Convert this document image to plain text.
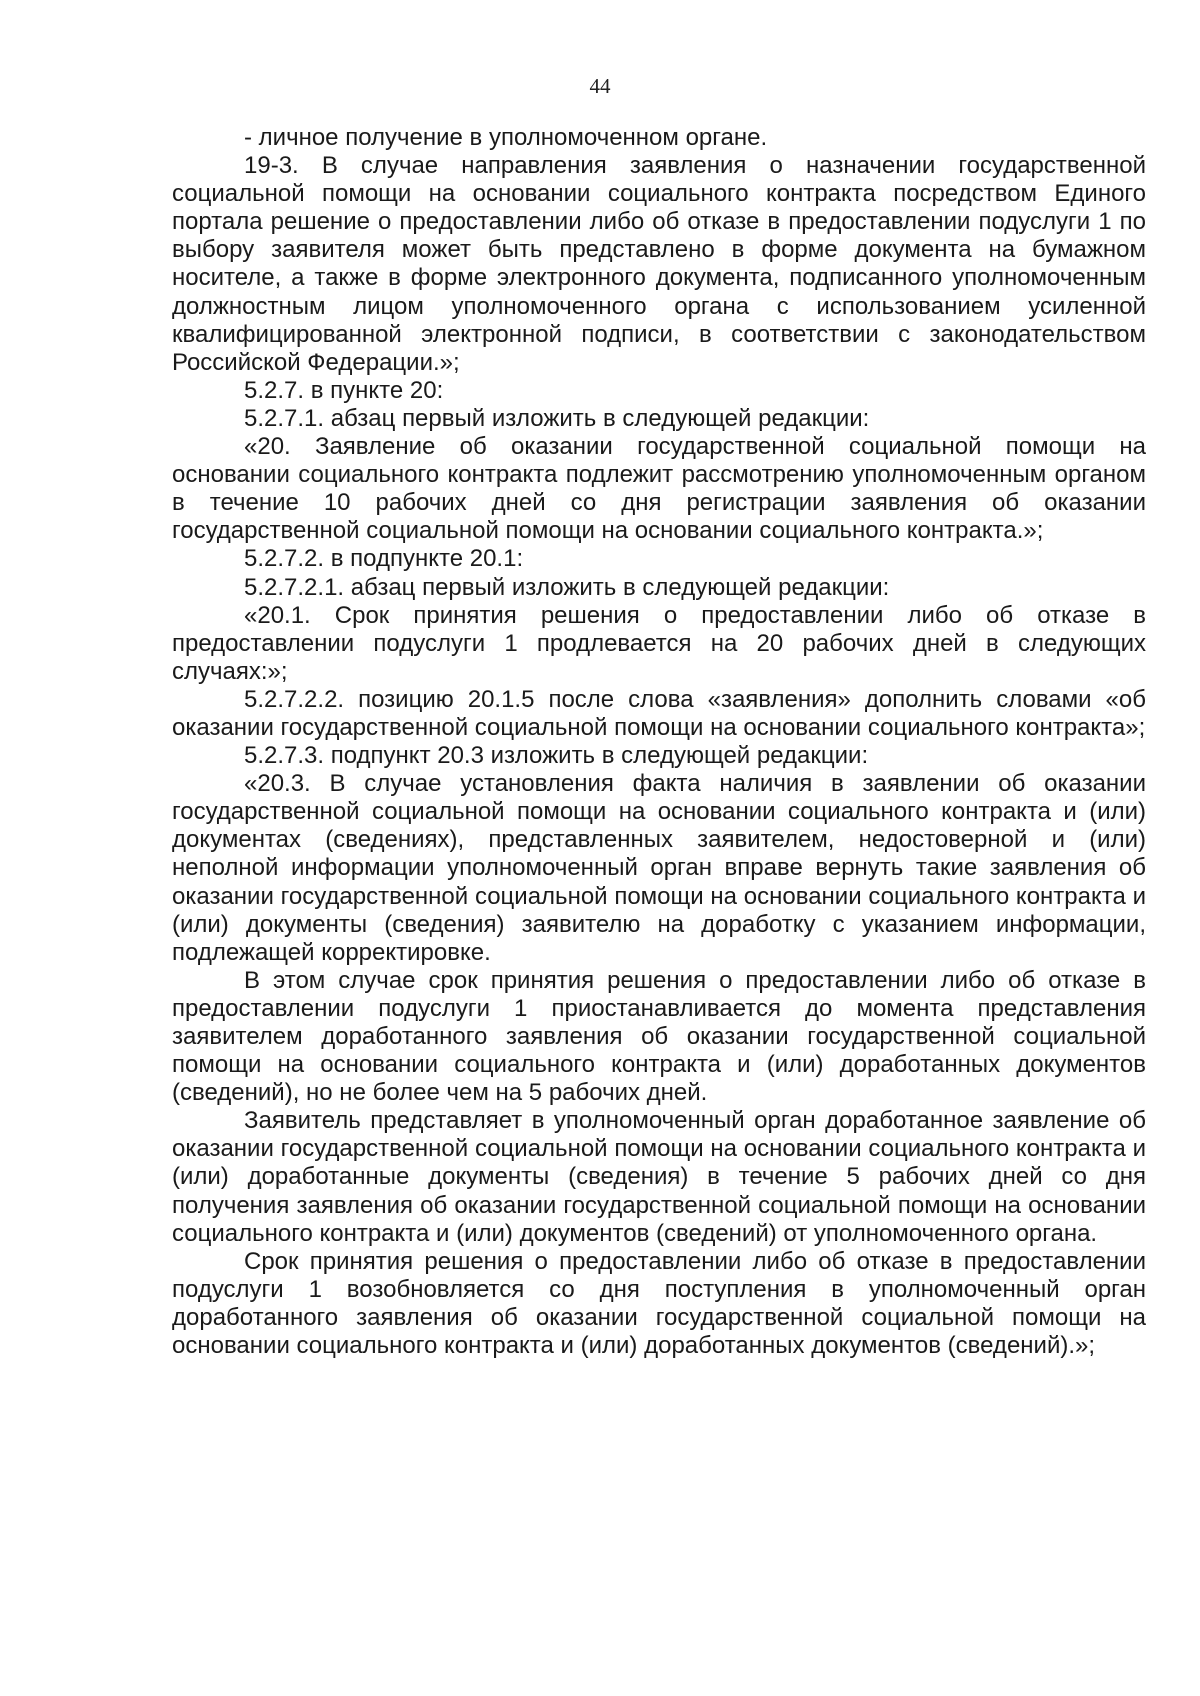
44

- личное получение в уполномоченном органе.

19-3. В случае направления заявления о назначении государственной социальной помощи на основании социального контракта посредством Единого портала решение о предоставлении либо об отказе в предоставлении подуслуги 1 по выбору заявителя может быть представлено в форме документа на бумажном носителе, а также в форме электронного документа, подписанного уполномоченным должностным лицом уполномоченного органа с использованием усиленной квалифицированной электронной подписи, в соответствии с законодательством Российской Федерации.»;

5.2.7. в пункте 20:

5.2.7.1. абзац первый изложить в следующей редакции:

«20. Заявление об оказании государственной социальной помощи на основании социального контракта подлежит рассмотрению уполномоченным органом в течение 10 рабочих дней со дня регистрации заявления об оказании государственной социальной помощи на основании социального контракта.»;

5.2.7.2. в подпункте 20.1:

5.2.7.2.1. абзац первый изложить в следующей редакции:

«20.1. Срок принятия решения о предоставлении либо об отказе в предоставлении подуслуги 1 продлевается на 20 рабочих дней в следующих случаях:»;

5.2.7.2.2. позицию 20.1.5 после слова «заявления» дополнить словами «об оказании государственной социальной помощи на основании социального контракта»;

5.2.7.3. подпункт 20.3 изложить в следующей редакции:

«20.3. В случае установления факта наличия в заявлении об оказании государственной социальной помощи на основании социального контракта и (или) документах (сведениях), представленных заявителем, недостоверной и (или) неполной информации уполномоченный орган вправе вернуть такие заявления об оказании государственной социальной помощи на основании социального контракта и (или) документы (сведения) заявителю на доработку с указанием информации, подлежащей корректировке.

В этом случае срок принятия решения о предоставлении либо об отказе в предоставлении подуслуги 1 приостанавливается до момента представления заявителем доработанного заявления об оказании государственной социальной помощи на основании социального контракта и (или) доработанных документов (сведений), но не более чем на 5 рабочих дней.

Заявитель представляет в уполномоченный орган доработанное заявление об оказании государственной социальной помощи на основании социального контракта и (или) доработанные документы (сведения) в течение 5 рабочих дней со дня получения заявления об оказании государственной социальной помощи на основании социального контракта и (или) документов (сведений) от уполномоченного органа.

Срок принятия решения о предоставлении либо об отказе в предоставлении подуслуги 1 возобновляется со дня поступления в уполномоченный орган доработанного заявления об оказании государственной социальной помощи на основании социального контракта и (или) доработанных документов (сведений).»;
